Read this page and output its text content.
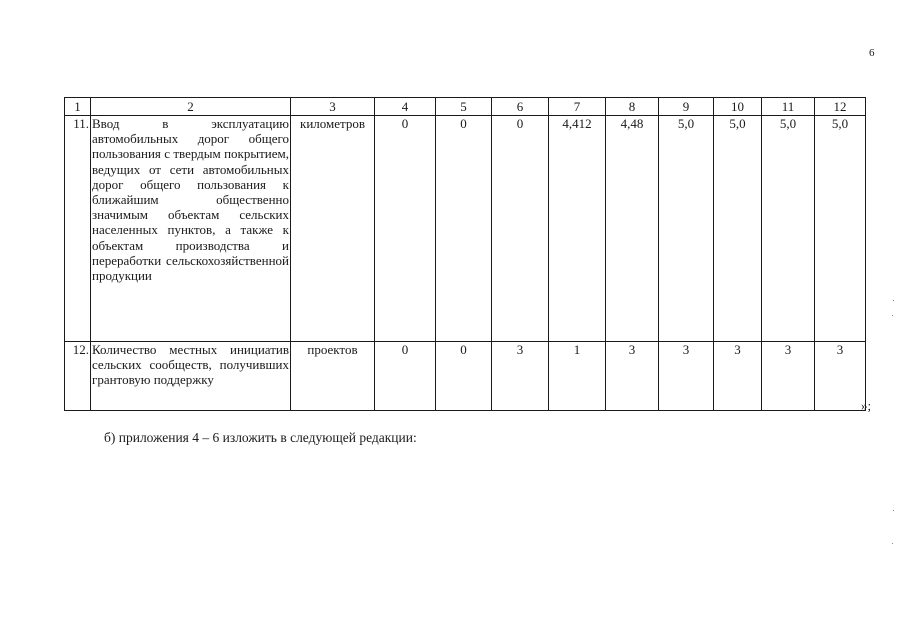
6
1	2	3	4	5	6	7	8	9	10	11	12
11.	Ввод в эксплуатацию автомобильных дорог общего пользования с твердым покрытием, ведущих от сети автомобильных дорог общего пользования к ближайшим общественно значимым объектам сельских населенных пунктов, а также к объектам производства и переработки сельскохозяйственной продукции	километров	0	0	0	4,412	4,48	5,0	5,0	5,0	5,0
12.	Количество местных инициатив сельских сообществ, получивших грантовую поддержку	проектов	0	0	3	1	3	3	3	3	3
»;
б) приложения 4 – 6 изложить в следующей редакции:
